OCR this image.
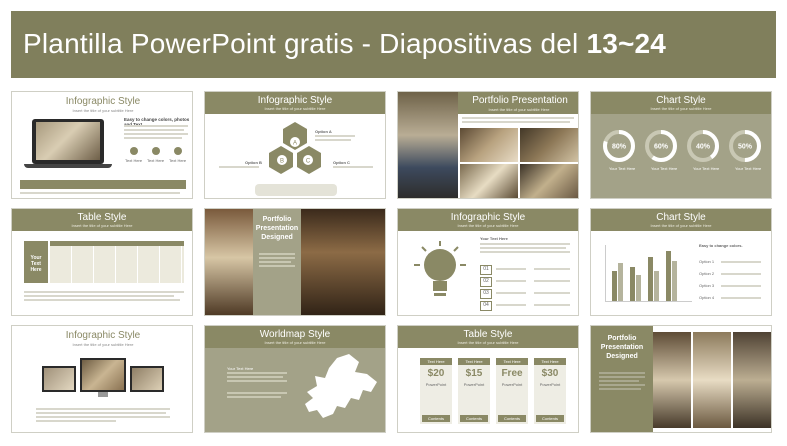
Plantilla PowerPoint gratis - Diapositivas del 13~24
Infographic Style
Insert the title of your subtitle Here
Easy to change colors, photos
Text Here Text Here Text Here
Infographic Style
Insert the title of your subtitle Here
A
B	C
Option A
Option B	Option C
Portfolio Presentation
Insert the title of your subtitle Here
Chart Style
Insert the title of your subtitle Here
80%	60%	40%	50%
Your Text Here	Your Text Here	Your Text Here	Your Text Here
Table Style
Insert the title of your subtitle Here
Your Text Here
Portfolio Presentation Designed
Infographic Style
Insert the title of your subtitle Here
Your Text Here
01
02
03
04
Chart Style
Insert the title of your subtitle Here
Easy to change colors.
Option 1
Option 2
Option 3
Option 4
Infographic Style
Insert the title of your subtitle Here
Worldmap Style
Insert the title of your subtitle Here
Your Text Here
Table Style
Insert the title of your subtitle Here
Text Here
$20
PowerPoint
Contents
Text Here
$15
PowerPoint
Contents
Text Here
Free
PowerPoint
Contents
Text Here
$30
PowerPoint
Contents
Portfolio Presentation Designed
